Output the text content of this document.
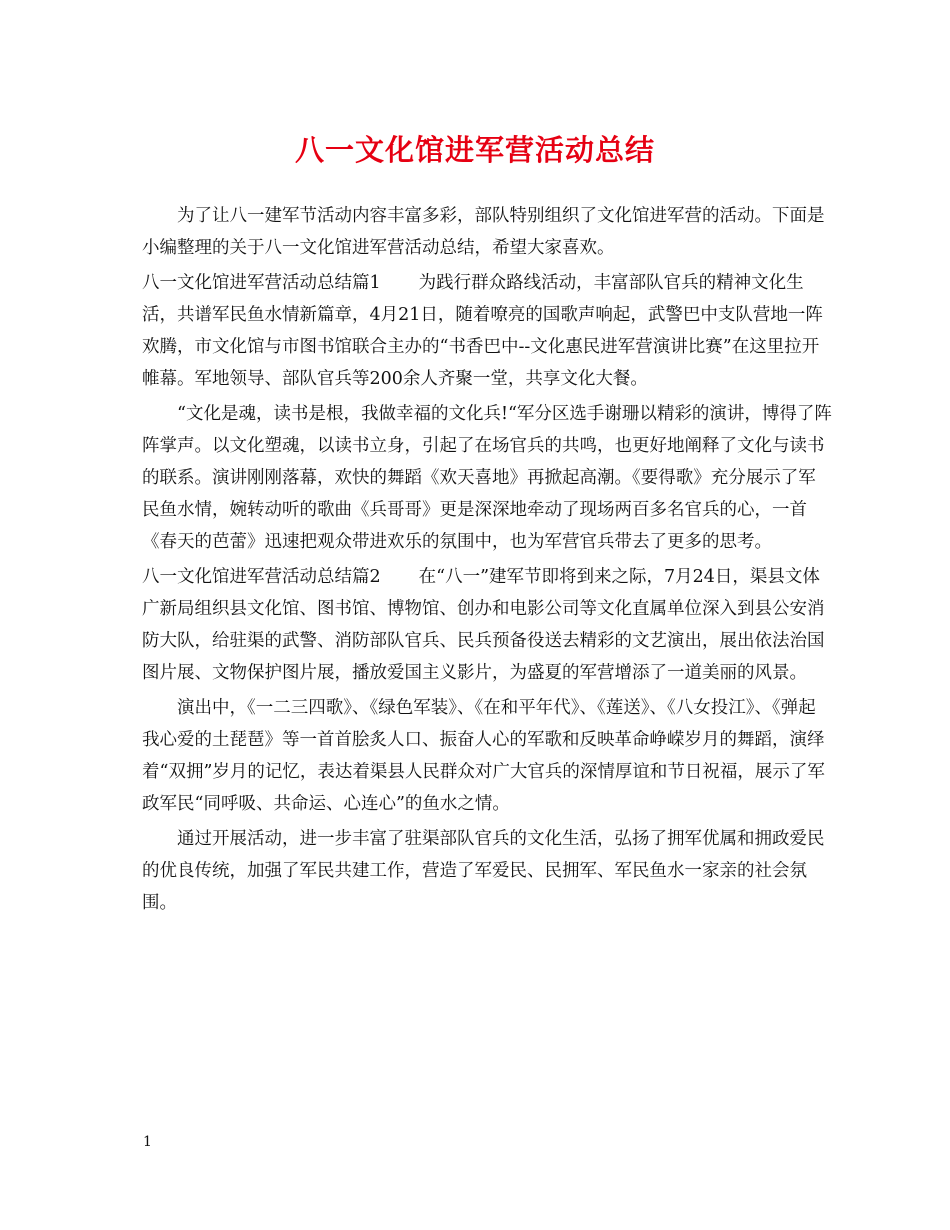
八一文化馆进军营活动总结

为了让八一建军节活动内容丰富多彩，部队特别组织了文化馆进军营的活动。下面是小编整理的关于八一文化馆进军营活动总结，希望大家喜欢。

八一文化馆进军营活动总结篇1 为践行群众路线活动，丰富部队官兵的精神文化生活，共谱军民鱼水情新篇章，4月21日，随着嘹亮的国歌声响起，武警巴中支队营地一阵欢腾，市文化馆与市图书馆联合主办的“书香巴中--文化惠民进军营演讲比赛”在这里拉开帷幕。军地领导、部队官兵等200余人齐聚一堂，共享文化大餐。

“文化是魂，读书是根，我做幸福的文化兵!“军分区选手谢珊以精彩的演讲，博得了阵阵掌声。以文化塑魂，以读书立身，引起了在场官兵的共鸣，也更好地阐释了文化与读书的联系。演讲刚刚落幕，欢快的舞蹈《欢天喜地》再掀起高潮。《要得歌》充分展示了军民鱼水情，婉转动听的歌曲《兵哥哥》更是深深地牵动了现场两百多名官兵的心，一首《春天的芭蕾》迅速把观众带进欢乐的氛围中，也为军营官兵带去了更多的思考。

八一文化馆进军营活动总结篇2 在“八一”建军节即将到来之际，7月24日，渠县文体广新局组织县文化馆、图书馆、博物馆、创办和电影公司等文化直属单位深入到县公安消防大队，给驻渠的武警、消防部队官兵、民兵预备役送去精彩的文艺演出，展出依法治国图片展、文物保护图片展，播放爱国主义影片，为盛夏的军营增添了一道美丽的风景。

演出中，《一二三四歌》、《绿色军装》、《在和平年代》、《莲送》、《八女投江》、《弹起我心爱的土琵琶》等一首首脍炙人口、振奋人心的军歌和反映革命峥嵘岁月的舞蹈，演绎着“双拥”岁月的记忆，表达着渠县人民群众对广大官兵的深情厚谊和节日祝福，展示了军政军民“同呼吸、共命运、心连心”的鱼水之情。

通过开展活动，进一步丰富了驻渠部队官兵的文化生活，弘扬了拥军优属和拥政爱民的优良传统，加强了军民共建工作，营造了军爱民、民拥军、军民鱼水一家亲的社会氛围。

1
